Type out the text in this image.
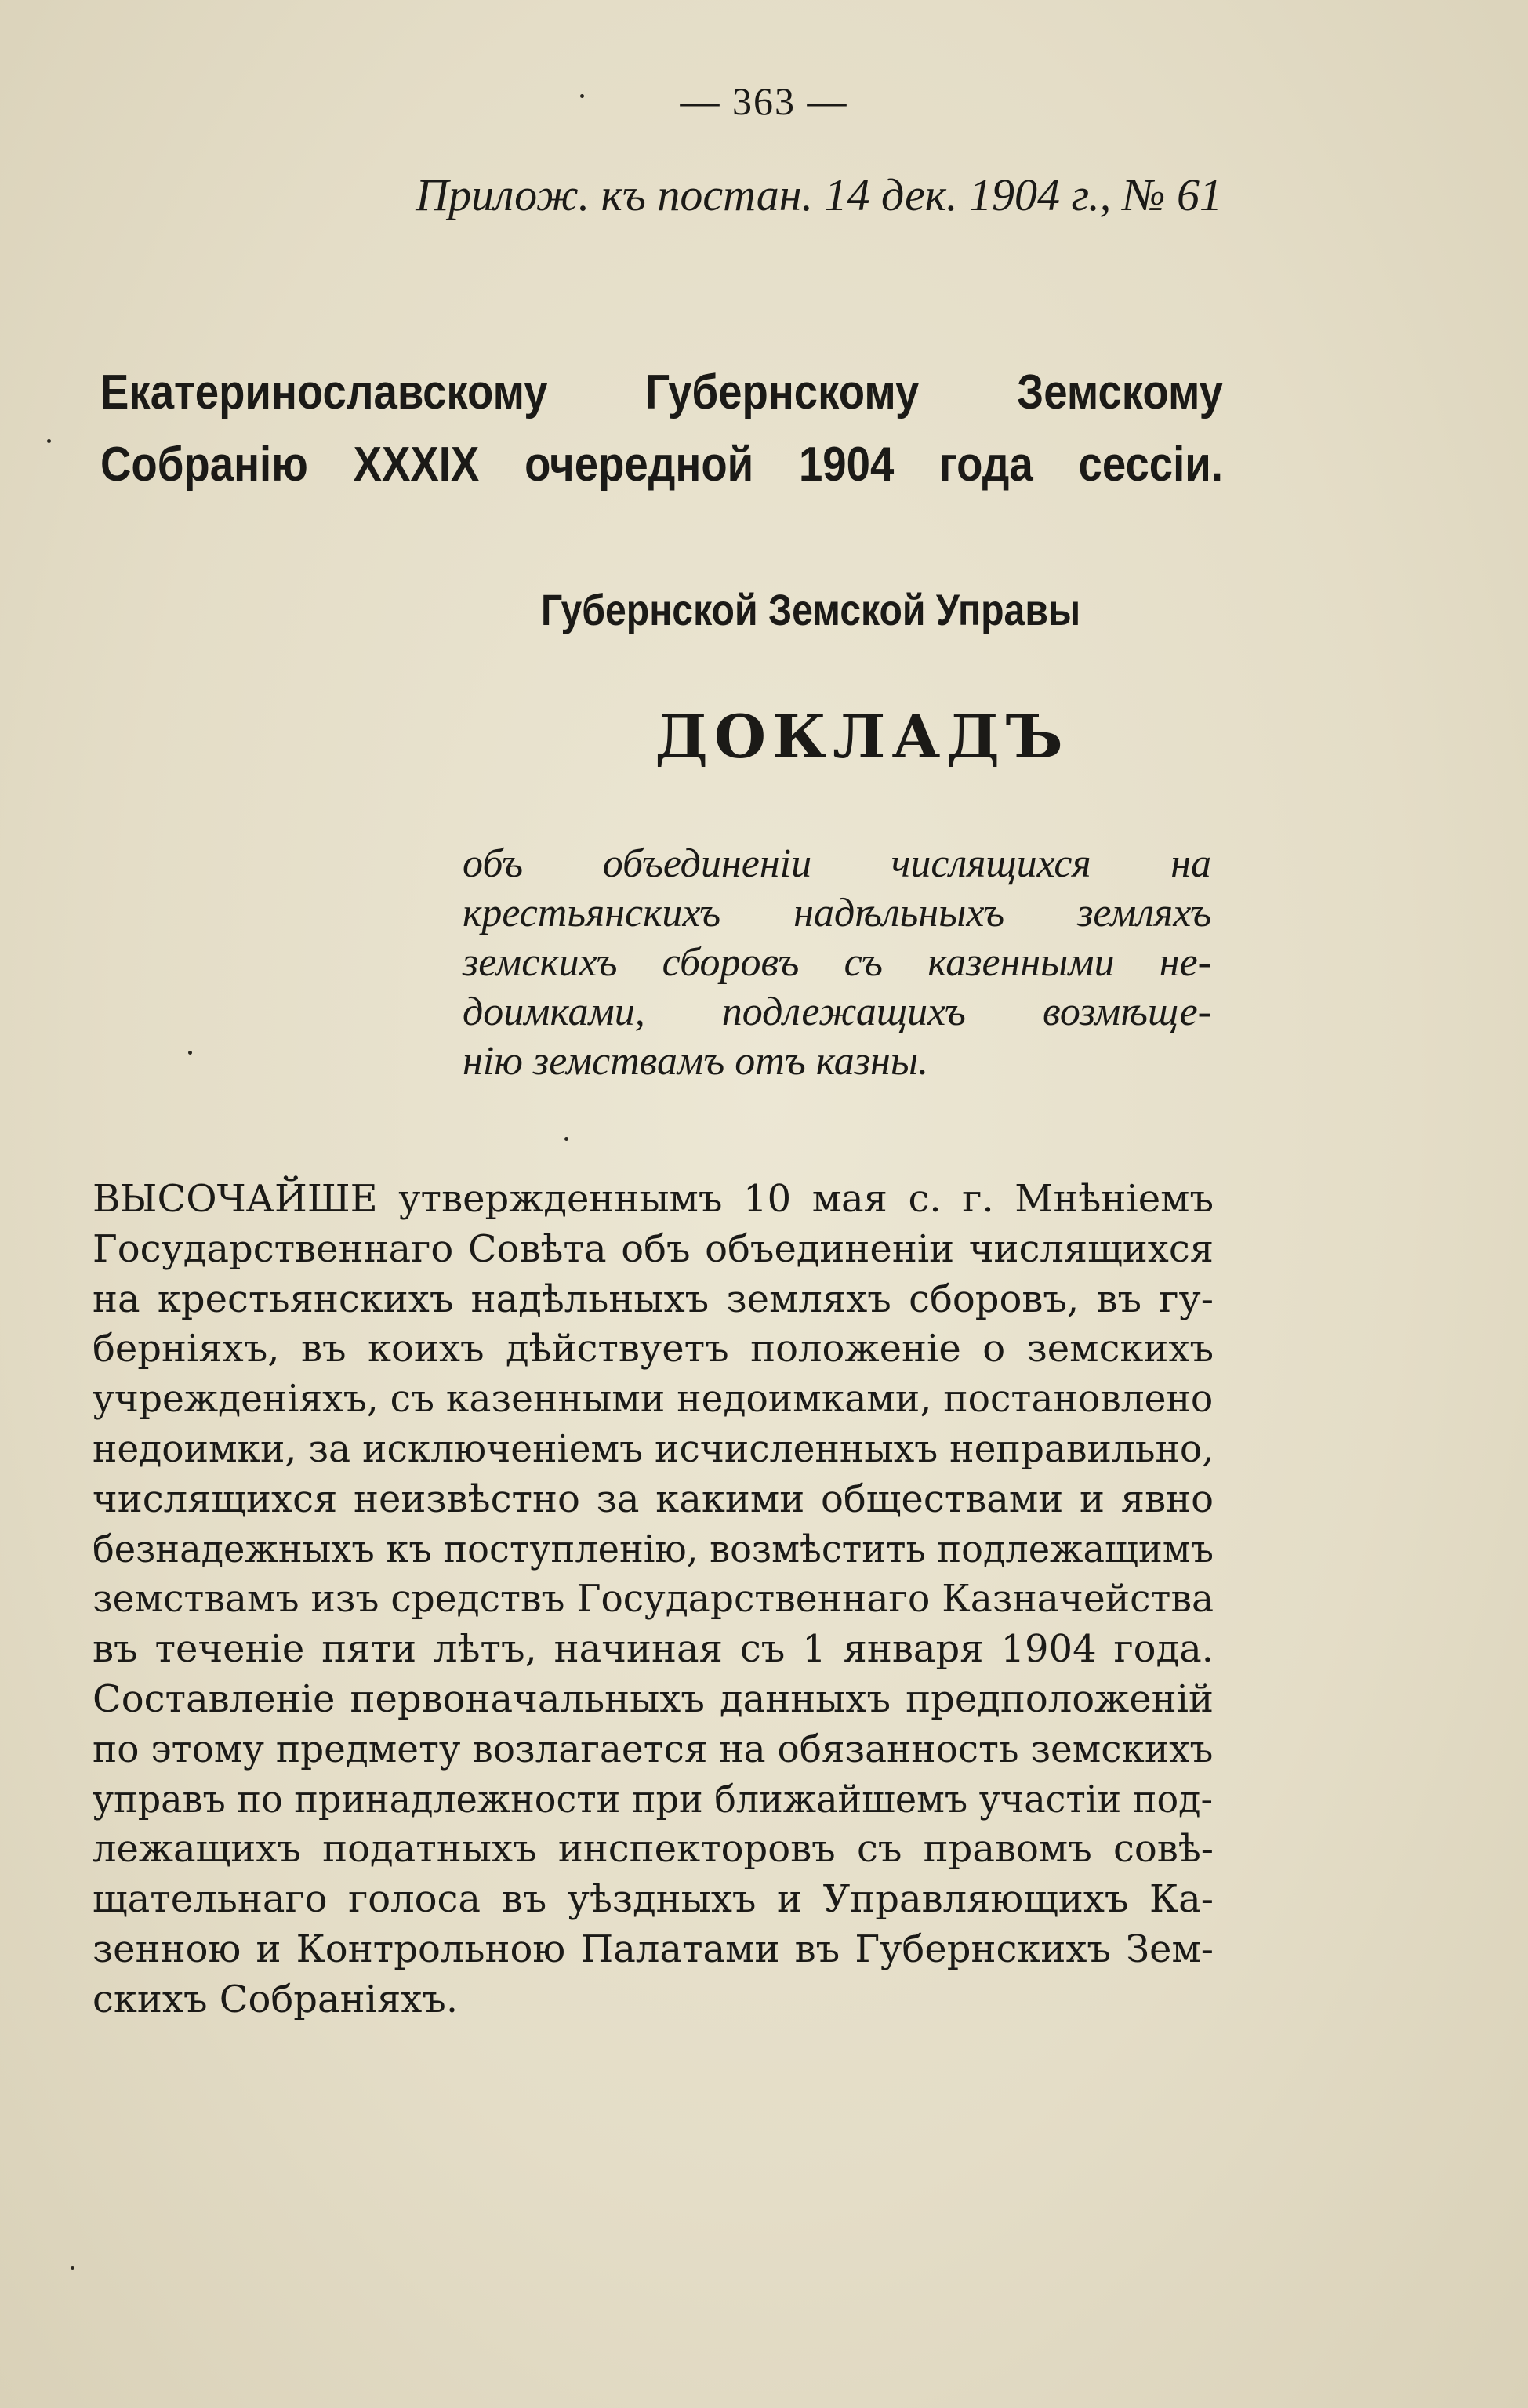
— 363 —
Прилож. къ постан. 14 дек. 1904 г., № 61
Екатеринославскому Губернскому Земскому
Собранію XXXIX очередной 1904 года сессіи.
Губернской Земской Управы
ДОКЛАДЪ
объ объединеніи числящихся на
крестьянскихъ надѣльныхъ земляхъ
земскихъ сборовъ съ казенными не-
доимками, подлежащихъ возмѣще-
нію земствамъ отъ казны.
ВЫСОЧАЙШЕ утвержденнымъ 10 мая с. г. Мнѣніемъ
Государственнаго Совѣта объ объединеніи числящихся
на крестьянскихъ надѣльныхъ земляхъ сборовъ, въ гу-
берніяхъ, въ коихъ дѣйствуетъ положеніе о земскихъ
учрежденіяхъ, съ казенными недоимками, постановлено
недоимки, за исключеніемъ исчисленныхъ неправильно,
числящихся неизвѣстно за какими обществами и явно
безнадежныхъ къ поступленію, возмѣстить подлежащимъ
земствамъ изъ средствъ Государственнаго Казначейства
въ теченіе пяти лѣтъ, начиная съ 1 января 1904 года.
Составленіе первоначальныхъ данныхъ предположеній
по этому предмету возлагается на обязанность земскихъ
управъ по принадлежности при ближайшемъ участіи под-
лежащихъ податныхъ инспекторовъ съ правомъ совѣ-
щательнаго голоса въ уѣздныхъ и Управляющихъ Ка-
зенною и Контрольною Палатами въ Губернскихъ Зем-
скихъ Собраніяхъ.
